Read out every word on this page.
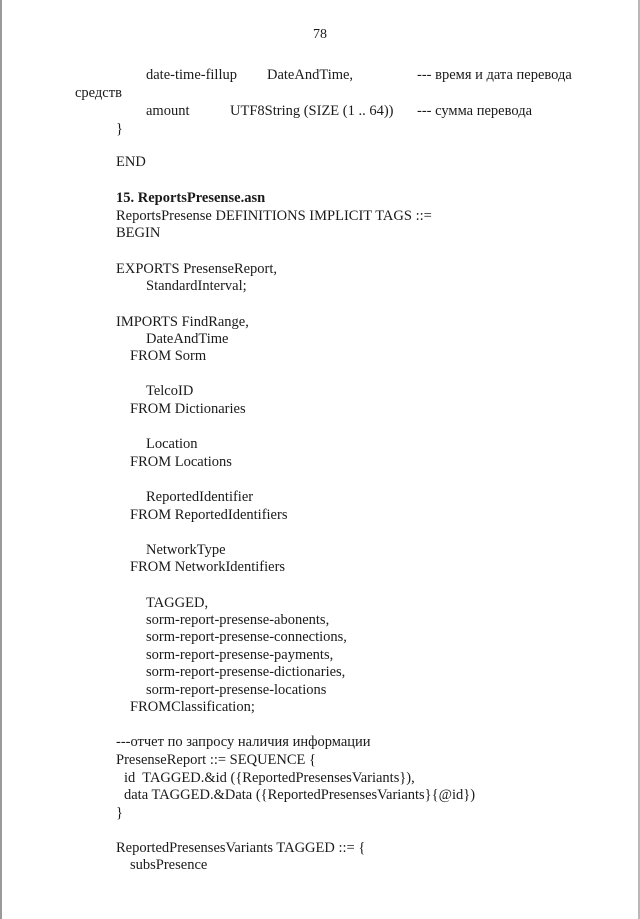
78
date-time-fillup DateAndTime,	--- время и дата перевода
средств
amount	UTF8String (SIZE (1 .. 64)) --- сумма перевода
}
END
15. ReportsPresense.asn
ReportsPresense DEFINITIONS IMPLICIT TAGS ::=
BEGIN
EXPORTS PresenseReport,
StandardInterval;
IMPORTS FindRange,
DateAndTime
FROM Sorm
TelcoID
FROM Dictionaries
Location
FROM Locations
ReportedIdentifier
FROM ReportedIdentifiers
NetworkType
FROM NetworkIdentifiers
TAGGED,
sorm-report-presense-abonents,
sorm-report-presense-connections,
sorm-report-presense-payments,
sorm-report-presense-dictionaries,
sorm-report-presense-locations
FROMClassification;
---отчет по запросу наличия информации
PresenseReport ::= SEQUENCE {
id  TAGGED.&id ({ReportedPresensesVariants}),
data TAGGED.&Data ({ReportedPresensesVariants}{@id})
}
ReportedPresensesVariants TAGGED ::= {
subsPresence
